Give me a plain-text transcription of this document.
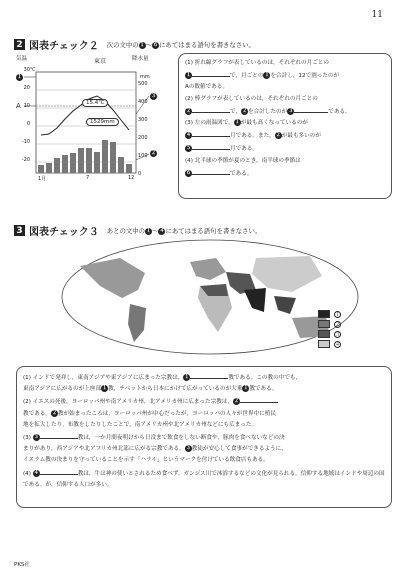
11
2 図表チェック２ 次の文中の１〜６にあてはまる語句を書きなさい。
気温	東京	降水量
℃
mm
30
20
10
0
-10
-20
500
400
300
200
100
0
15.4℃
1529mm
A
１
３
２
1月	7	12

(1) 折れ線グラフが表しているのは，それぞれの月ごとの
１	で，月ごとの１を合計し，12で割ったのが
Aの数値である。

(2) 棒グラフが表しているのは，それぞれの月ごとの
２	で，２を合計したのが３	である。

(3) 左の雨温図で，１が最も高くなっているのが
４	月である。また，２が最も多いのが
５	月である。

(4) 北半球の季節が夏のとき，南半球の季節は
６	である。

3 図表チェック３ あとの文中の１〜４にあてはまる語句を書きなさい。
１
２
３
４

(1) インドで発祥し，東南アジアや東アジアに広まった宗教は，１	教である。この教の中でも，
東南アジアに広がるのが上座部１教，チベットから日本にかけて広がっているのが大乗１教である。

(2) イエスの死後，ヨーロッパ州や南アメリカ州，北アメリカ州に広まった宗教は，２
教である。２教が始まったころは，ヨーロッパ州が中心だったが，ヨーロッパの人々が世界中に植民
地を拡大したり，布教をしたりしたことで，南アメリカ州や北アメリカ州などにも広まった。

(3) ３	教は，一か月間夜明けから日没まで飲食をしない断食や，豚肉を食べないなどの決
まりがあり，西アジアや北アフリカ州北部に広がる宗教である。３教徒が安心して食事ができるように，
イスラム教の決まりを守っていることを示す「ハラル」というマークを付けている飲食店もある。

(4) ４	教は，牛は神の使いとされるため食べず，ガンジス川で沐浴するなどの文化が見られる。信仰する地域はインドや周辺の国である。が，信仰する人口が多い。

PKS社
